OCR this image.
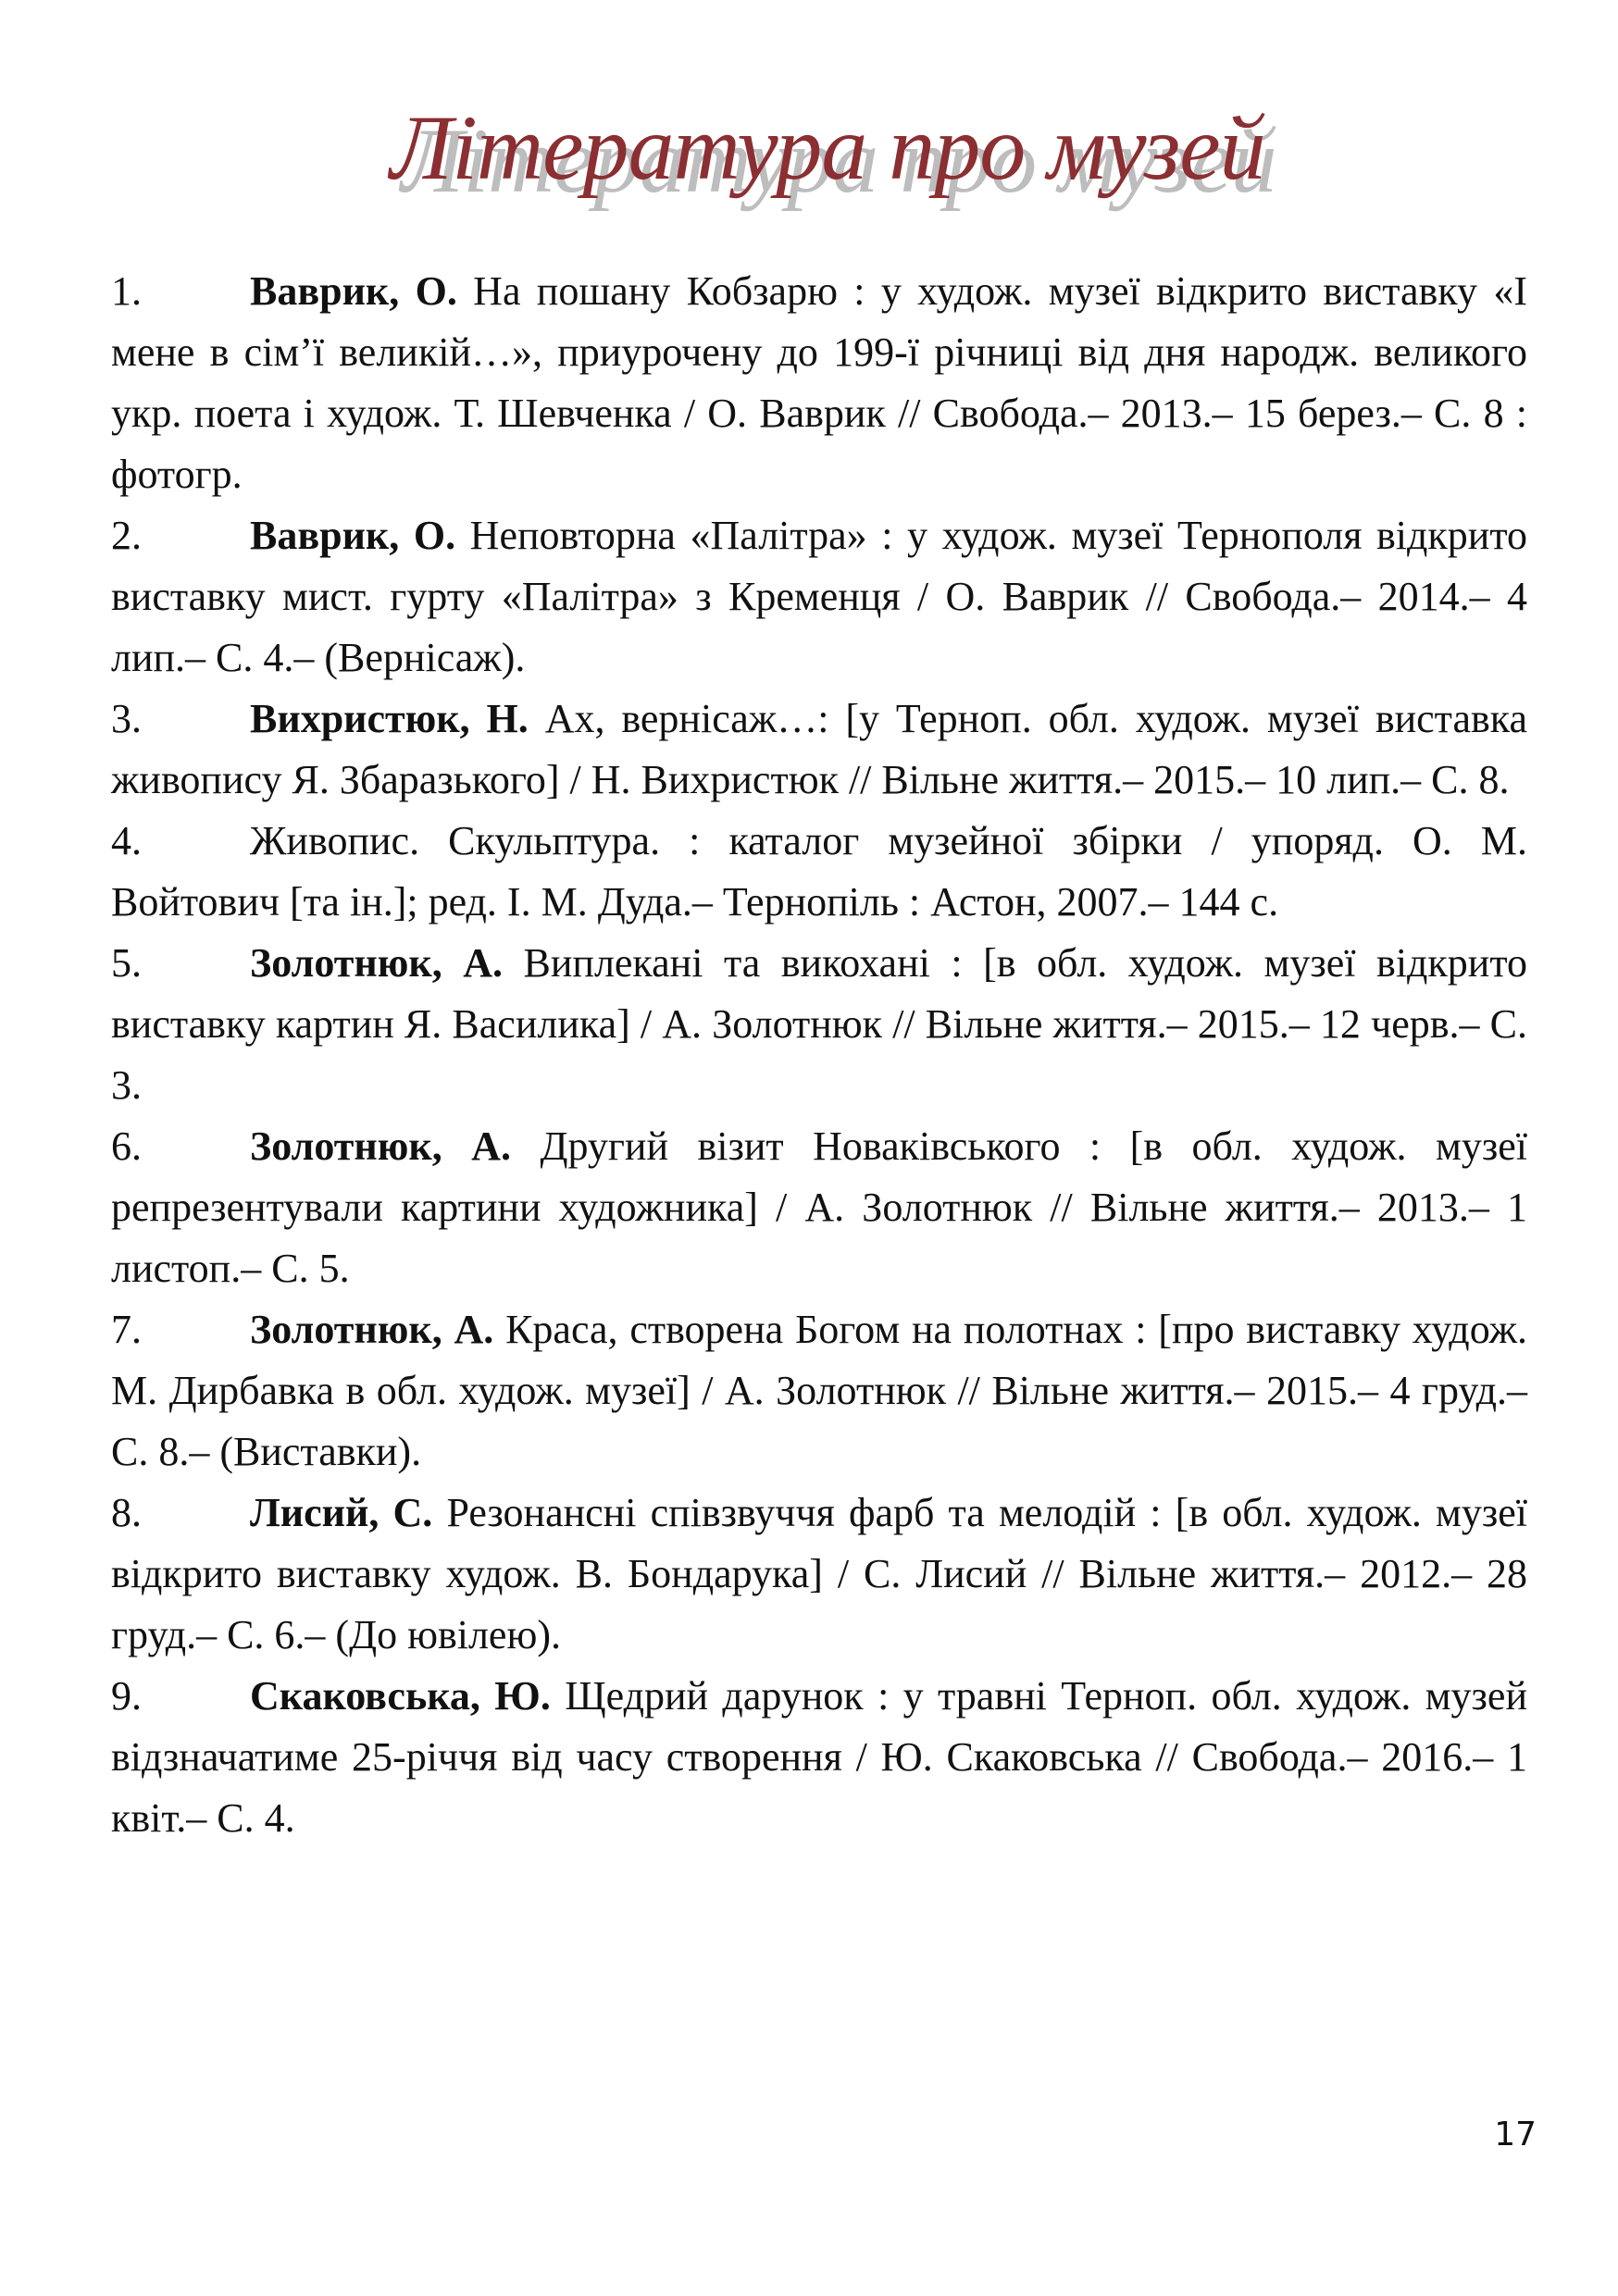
Література про музей
1.	Ваврик, О. На пошану Кобзарю : у худож. музеї відкрито виставку «І мене в сім’ї великій…», приурочену до 199-ї річниці від дня народж. великого укр. поета і худож. Т. Шевченка / О. Ваврик // Свобода.– 2013.– 15 берез.– С. 8 : фотогр.
2.	Ваврик, О. Неповторна «Палітра» : у худож. музеї Тернополя відкрито виставку мист. гурту «Палітра» з Кременця / О. Ваврик // Свобода.– 2014.– 4 лип.– С. 4.– (Вернісаж).
3.	Вихристюк, Н. Ах, вернісаж…: [у Терноп. обл. худож. музеї виставка живопису Я. Збаразького] / Н. Вихристюк // Вільне життя.– 2015.– 10 лип.– С. 8.
4.	Живопис. Скульптура. : каталог музейної збірки / упоряд. О. М. Войтович [та ін.]; ред. І. М. Дуда.– Тернопіль : Астон, 2007.– 144 с.
5.	Золотнюк, А. Виплекані та викохані : [в обл. худож. музеї відкрито виставку картин Я. Василика] / А. Золотнюк // Вільне життя.– 2015.– 12 черв.– С. 3.
6.	Золотнюк, А. Другий візит Новаківського : [в обл. худож. музеї репрезентували картини художника] / А. Золотнюк // Вільне життя.– 2013.– 1 листоп.– С. 5.
7.	Золотнюк, А. Краса, створена Богом на полотнах : [про виставку худож. М. Дирбавка в обл. худож. музеї] / А. Золотнюк // Вільне життя.– 2015.– 4 груд.– С. 8.– (Виставки).
8.	Лисий, С. Резонансні співзвуччя фарб та мелодій : [в обл. худож. музеї відкрито виставку худож. В. Бондарука] / С. Лисий // Вільне життя.– 2012.– 28 груд.– С. 6.– (До ювілею).
9.	Скаковська, Ю. Щедрий дарунок : у травні Терноп. обл. худож. музей відзначатиме 25-річчя від часу створення / Ю. Скаковська // Свобода.– 2016.– 1 квіт.– С. 4.
17
